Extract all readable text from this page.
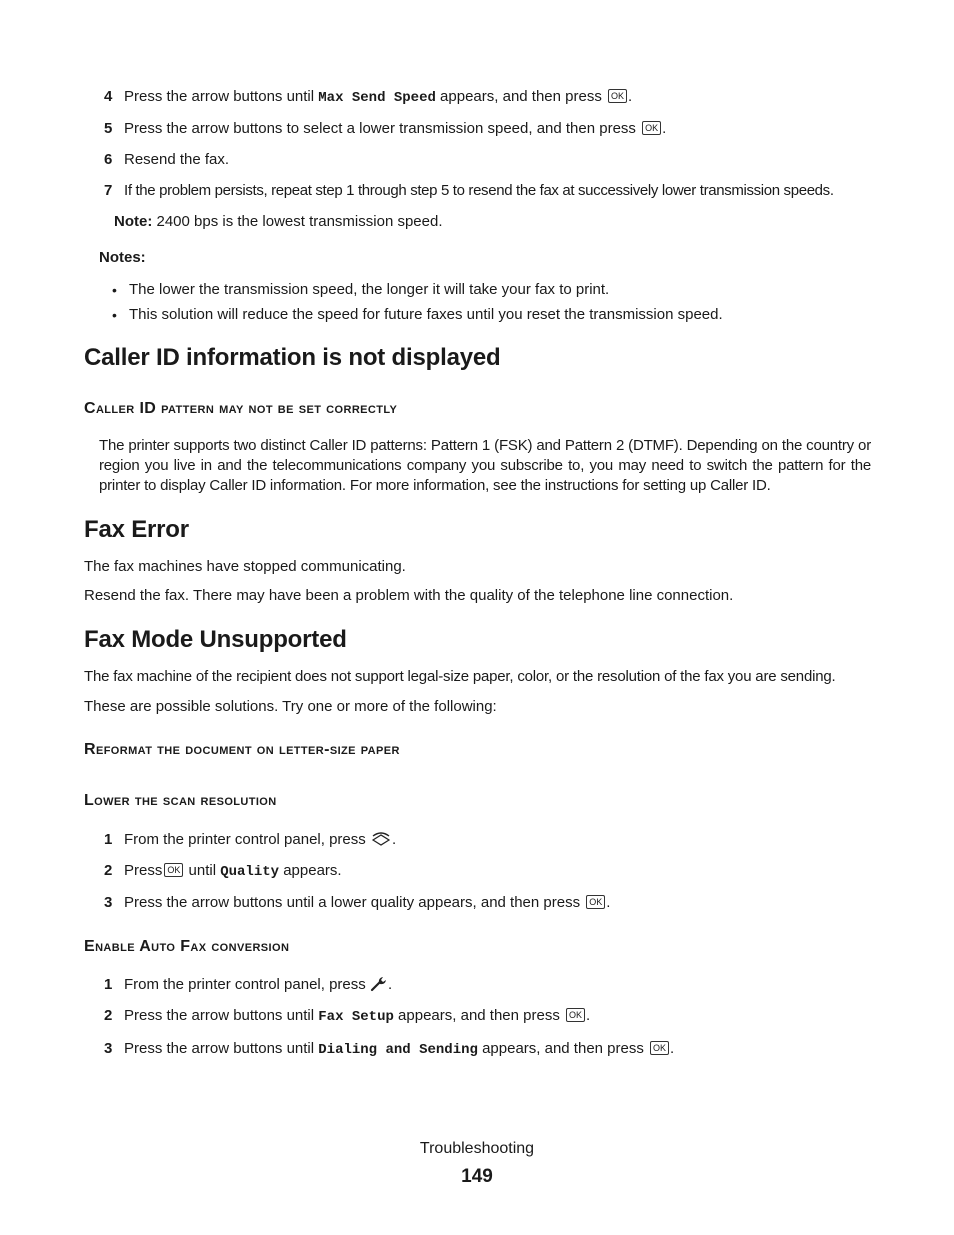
4 Press the arrow buttons until Max Send Speed appears, and then press OK .
5 Press the arrow buttons to select a lower transmission speed, and then press OK .
6 Resend the fax.
7 If the problem persists, repeat step 1 through step 5 to resend the fax at successively lower transmission speeds.
Note: 2400 bps is the lowest transmission speed.
Notes:
• The lower the transmission speed, the longer it will take your fax to print.
• This solution will reduce the speed for future faxes until you reset the transmission speed.
Caller ID information is not displayed
Caller ID pattern may not be set correctly
The printer supports two distinct Caller ID patterns: Pattern 1 (FSK) and Pattern 2 (DTMF). Depending on the country or region you live in and the telecommunications company you subscribe to, you may need to switch the pattern for the printer to display Caller ID information. For more information, see the instructions for setting up Caller ID.
Fax Error
The fax machines have stopped communicating.
Resend the fax. There may have been a problem with the quality of the telephone line connection.
Fax Mode Unsupported
The fax machine of the recipient does not support legal-size paper, color, or the resolution of the fax you are sending.
These are possible solutions. Try one or more of the following:
Reformat the document on letter-size paper
Lower the scan resolution
1 From the printer control panel, press .
2 Press OK until Quality appears.
3 Press the arrow buttons until a lower quality appears, and then press OK .
Enable Auto Fax conversion
1 From the printer control panel, press .
2 Press the arrow buttons until Fax Setup appears, and then press OK .
3 Press the arrow buttons until Dialing and Sending appears, and then press OK .
Troubleshooting
149
